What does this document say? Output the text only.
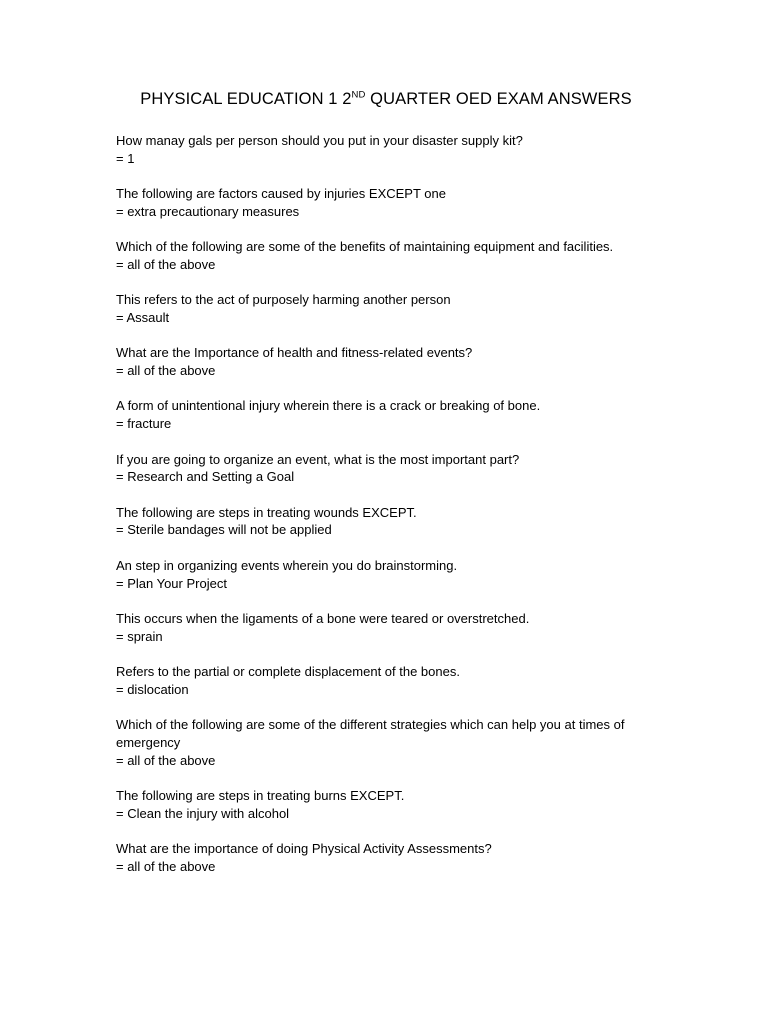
PHYSICAL EDUCATION 1 2ND QUARTER OED EXAM ANSWERS

How manay gals per person should you put in your disaster supply kit?

= 1

The following are factors caused by injuries EXCEPT one

= extra precautionary measures

Which of the following are some of the benefits of maintaining equipment and facilities.

= all of the above

This refers to the act of purposely harming another person

= Assault

What are the Importance of health and fitness-related events?

= all of the above

A form of unintentional injury wherein there is a crack or breaking of bone.

= fracture

If you are going to organize an event, what is the most important part?

= Research and Setting a Goal

The following are steps in treating wounds EXCEPT.

= Sterile bandages will not be applied

An step in organizing events wherein you do brainstorming.

= Plan Your Project

This occurs when the ligaments of a bone were teared or overstretched.

= sprain

Refers to the partial or complete displacement of the bones.

= dislocation

Which of the following are some of the different strategies which can help you at times of emergency

= all of the above

The following are steps in treating burns EXCEPT.

= Clean the injury with alcohol

What are the importance of doing Physical Activity Assessments?

= all of the above
